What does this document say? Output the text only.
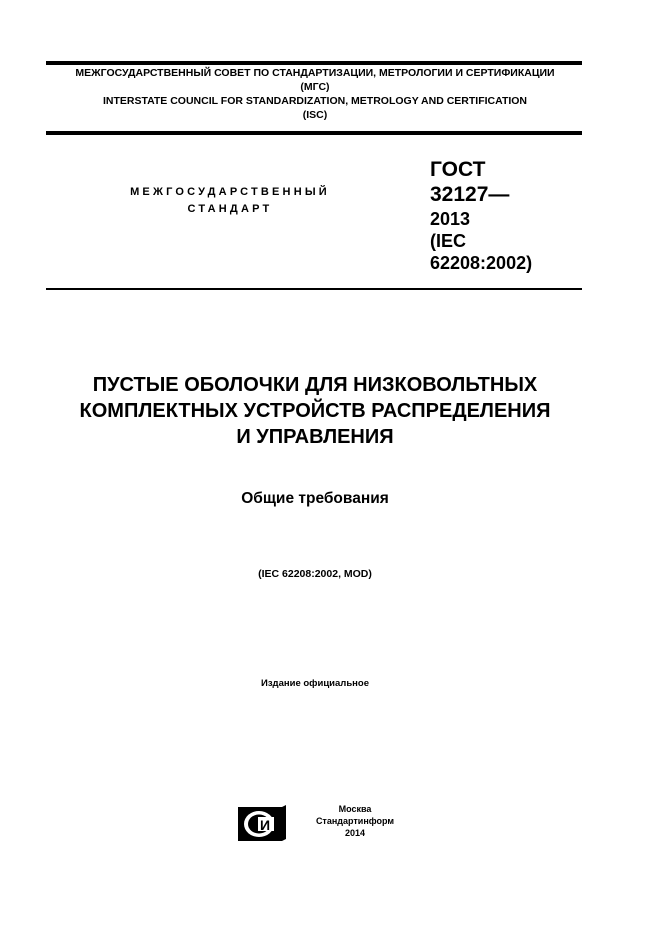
МЕЖГОСУДАРСТВЕННЫЙ СОВЕТ ПО СТАНДАРТИЗАЦИИ, МЕТРОЛОГИИ И СЕРТИФИКАЦИИ
(МГС)
INTERSTATE COUNCIL FOR STANDARDIZATION, METROLOGY AND CERTIFICATION
(ISC)
МЕЖГОСУДАРСТВЕННЫЙ
СТАНДАРТ
ГОСТ
32127—
2013
(IEC
62208:2002)
ПУСТЫЕ ОБОЛОЧКИ ДЛЯ НИЗКОВОЛЬТНЫХ
КОМПЛЕКТНЫХ УСТРОЙСТВ РАСПРЕДЕЛЕНИЯ
И УПРАВЛЕНИЯ
Общие требования
(IEC 62208:2002, MOD)
Издание официальное
И
Москва
Стандартинформ
2014
